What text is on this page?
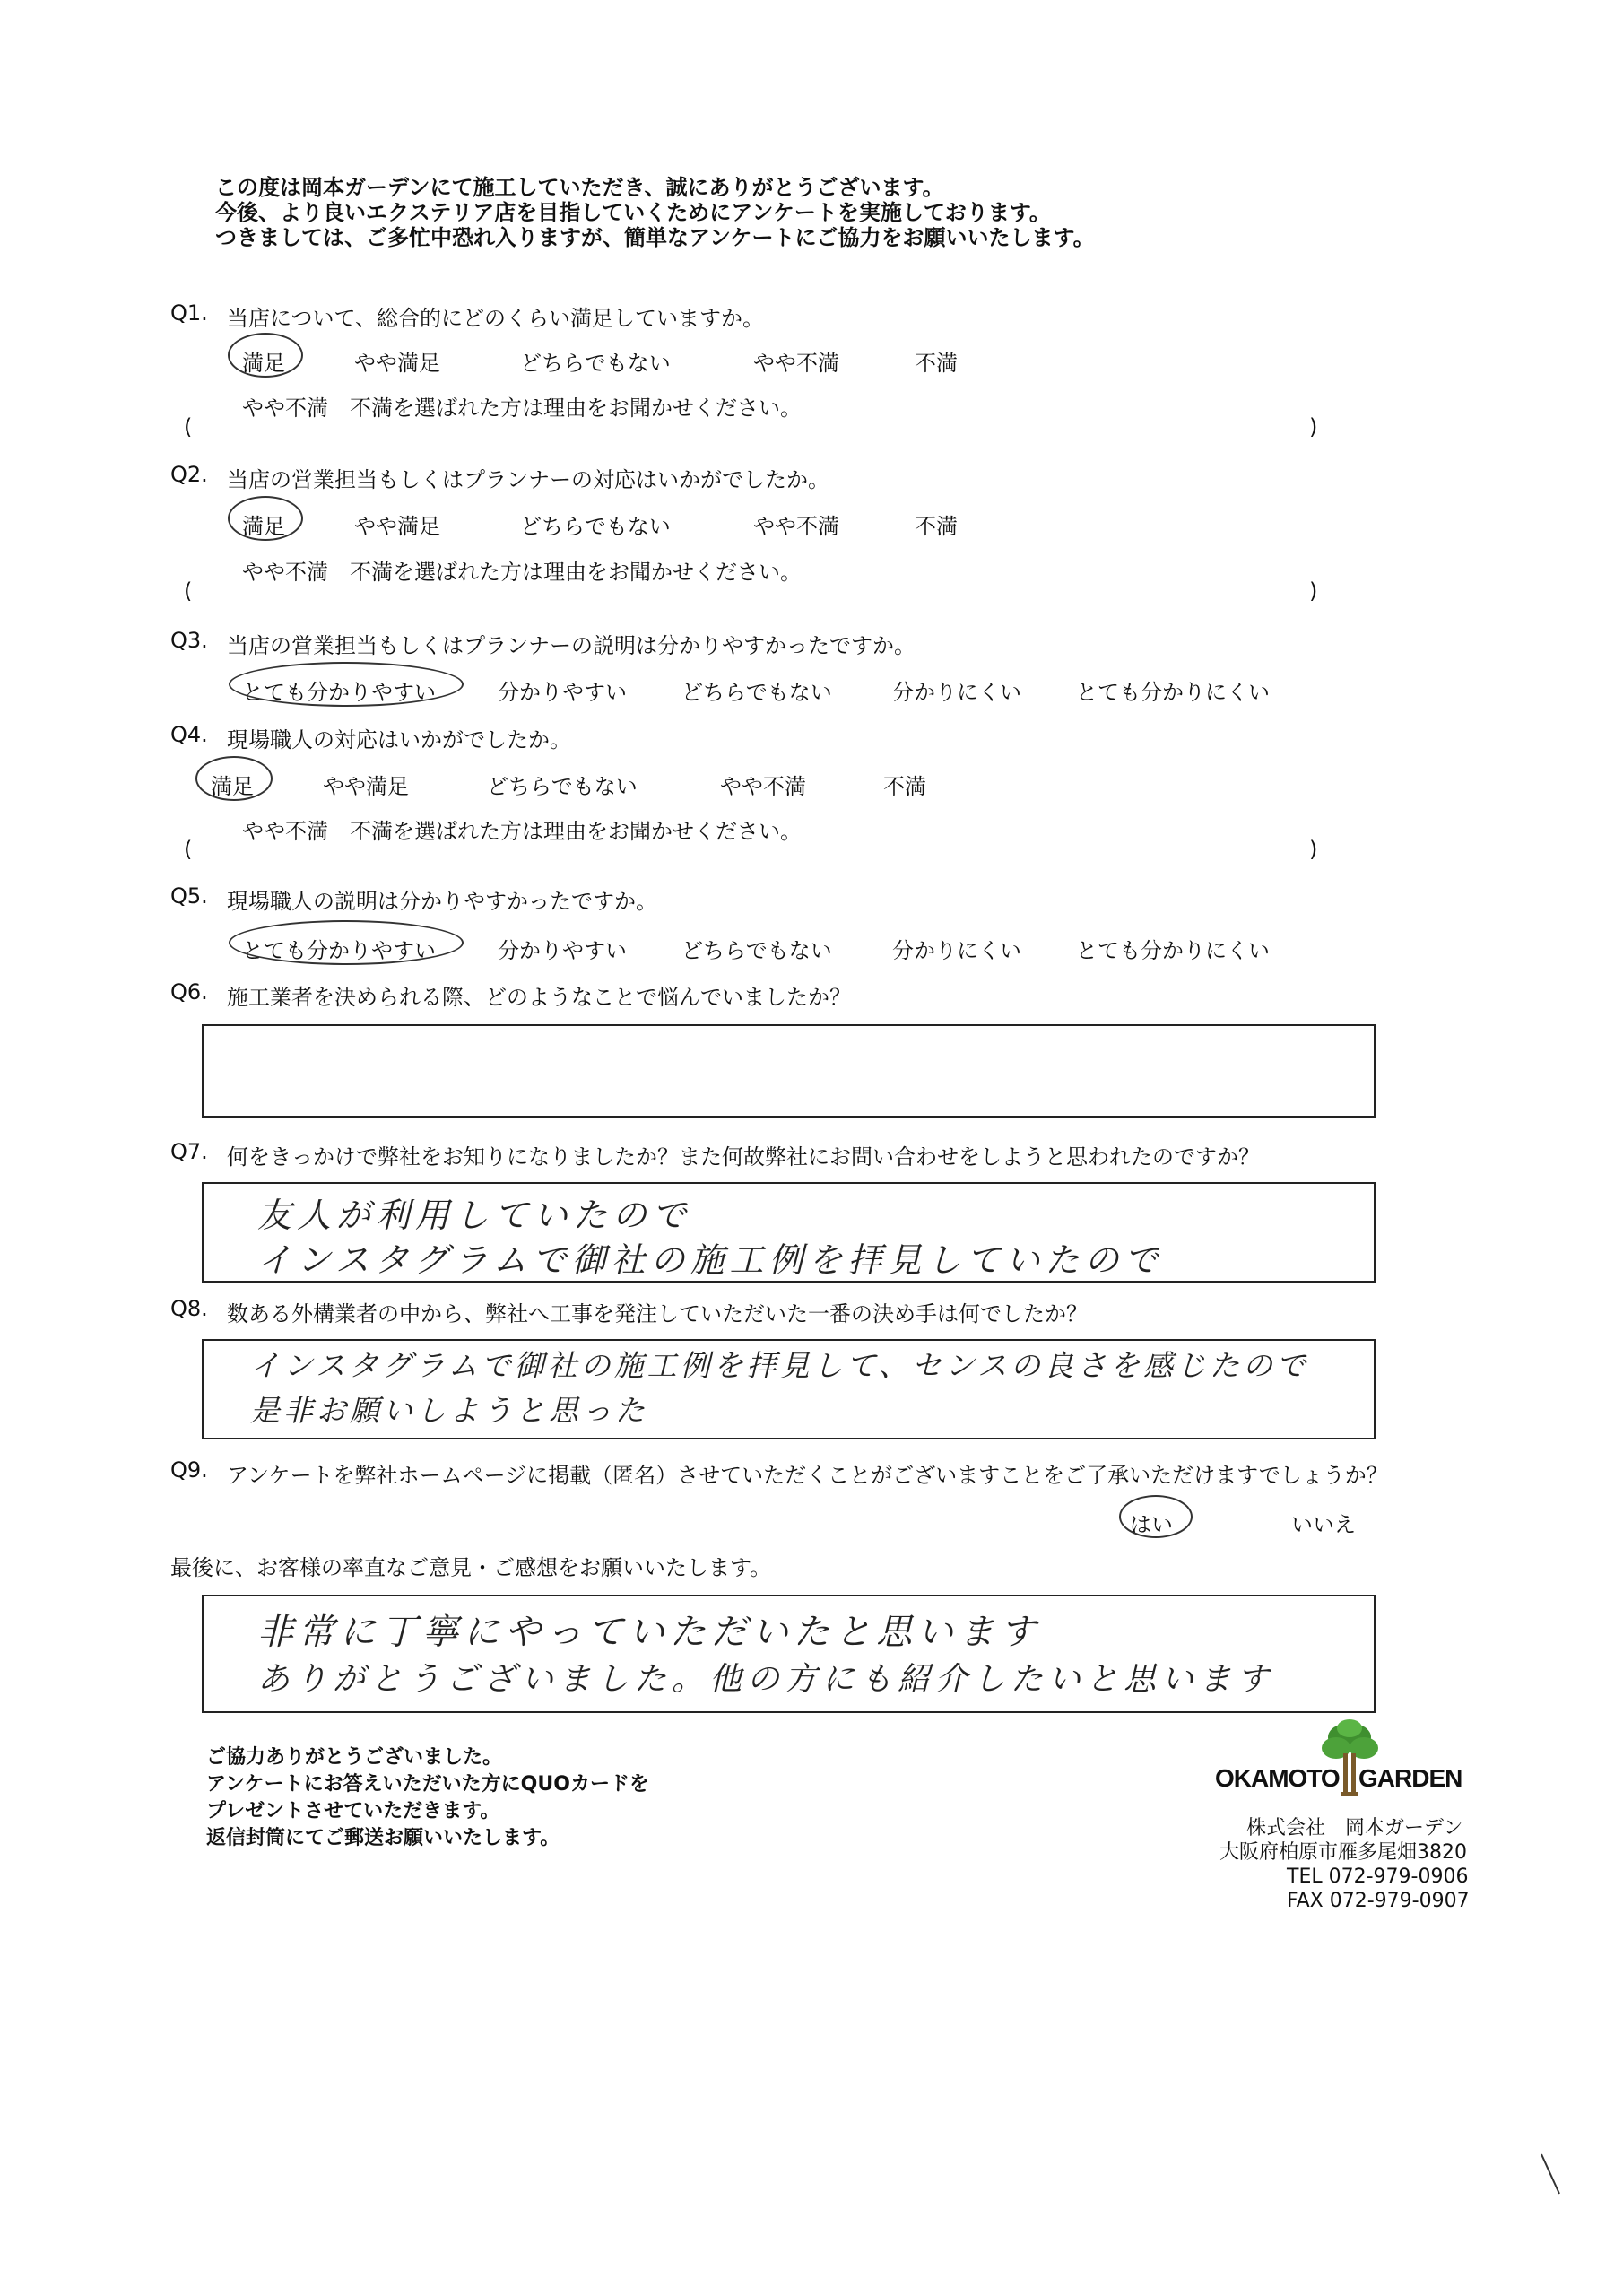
この度は岡本ガーデンにて施工していただき、誠にありがとうございます。
今後、より良いエクステリア店を目指していくためにアンケートを実施しております。
つきましては、ご多忙中恐れ入りますが、簡単なアンケートにご協力をお願いいたします。
Q1. 当店について、総合的にどのくらい満足していますか。
満足	やや満足	どちらでもない	やや不満	不満
やや不満　不満を選ばれた方は理由をお聞かせください。
(	)
Q2. 当店の営業担当もしくはプランナーの対応はいかがでしたか。
満足	やや満足	どちらでもない	やや不満	不満
やや不満　不満を選ばれた方は理由をお聞かせください。
(	)
Q3. 当店の営業担当もしくはプランナーの説明は分かりやすかったですか。
とても分かりやすい	分かりやすい	どちらでもない	分かりにくい	とても分かりにくい
Q4. 現場職人の対応はいかがでしたか。
満足	やや満足	どちらでもない	やや不満	不満
やや不満　不満を選ばれた方は理由をお聞かせください。
(	)
Q5. 現場職人の説明は分かりやすかったですか。
とても分かりやすい	分かりやすい	どちらでもない	分かりにくい	とても分かりにくい
Q6. 施工業者を決められる際、どのようなことで悩んでいましたか？
Q7. 何をきっかけで弊社をお知りになりましたか？また何故弊社にお問い合わせをしようと思われたのですか？
友人が利用していたので
インスタグラムで御社の施工例を拝見していたので
Q8. 数ある外構業者の中から、弊社へ工事を発注していただいた一番の決め手は何でしたか？
インスタグラムで御社の施工例を拝見して、センスの良さを感じたので
是非お願いしようと思った
Q9. アンケートを弊社ホームページに掲載（匿名）させていただくことがございますことをご了承いただけますでしょうか？
はい	いいえ
最後に、お客様の率直なご意見・ご感想をお願いいたします。
非常に丁寧にやっていただいたと思います
ありがとうございました。他の方にも紹介したいと思います
ご協力ありがとうございました。
アンケートにお答えいただいた方にQUOカードを
プレゼントさせていただきます。
返信封筒にてご郵送お願いいたします。
OKAMOTO GARDEN
株式会社　岡本ガーデン
大阪府柏原市雁多尾畑3820
TEL 072-979-0906
FAX 072-979-0907
